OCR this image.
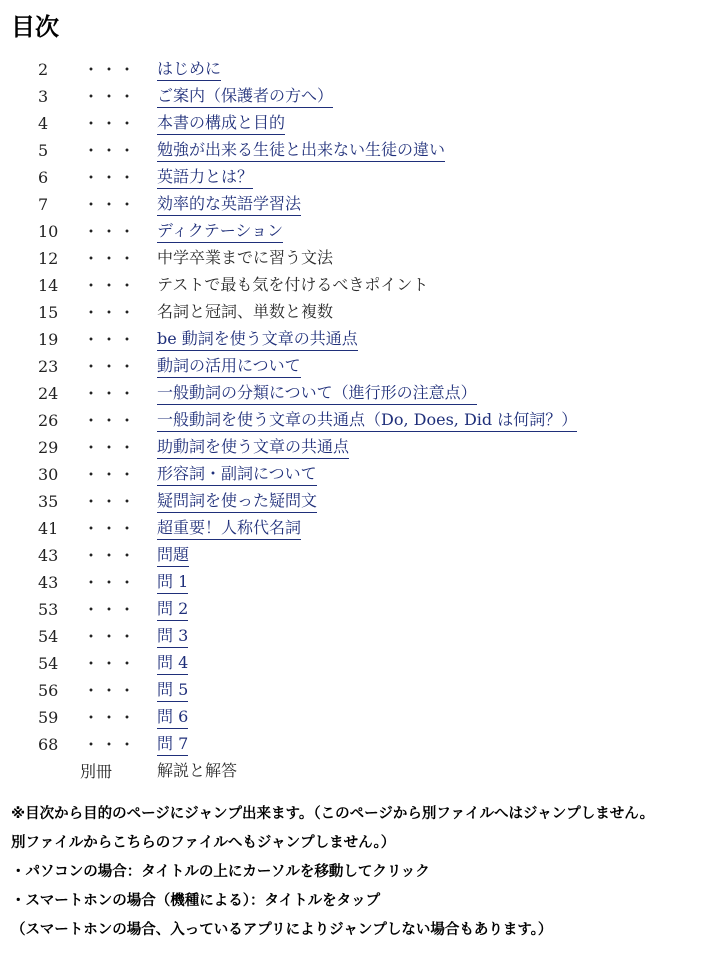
目次
2 ・・・ はじめに
3 ・・・ ご案内（保護者の方へ）
4 ・・・ 本書の構成と目的
5 ・・・ 勉強が出来る生徒と出来ない生徒の違い
6 ・・・ 英語力とは？
7 ・・・ 効率的な英語学習法
10 ・・・ ディクテーション
12 ・・・ 中学卒業までに習う文法
14 ・・・ テストで最も気を付けるべきポイント
15 ・・・ 名詞と冠詞、単数と複数
19 ・・・ be 動詞を使う文章の共通点
23 ・・・ 動詞の活用について
24 ・・・ 一般動詞の分類について（進行形の注意点）
26 ・・・ 一般動詞を使う文章の共通点（Do, Does, Did は何詞？）
29 ・・・ 助動詞を使う文章の共通点
30 ・・・ 形容詞・副詞について
35 ・・・ 疑問詞を使った疑問文
41 ・・・ 超重要！人称代名詞
43 ・・・ 問題
43 ・・・ 問 1
53 ・・・ 問 2
54 ・・・ 問 3
54 ・・・ 問 4
56 ・・・ 問 5
59 ・・・ 問 6
68 ・・・ 問 7
別冊	解説と解答
※目次から目的のページにジャンプ出来ます。（このページから別ファイルへはジャンプしません。
別ファイルからこちらのファイルへもジャンプしません。）
・パソコンの場合：タイトルの上にカーソルを移動してクリック
・スマートホンの場合（機種による）：タイトルをタップ
（スマートホンの場合、入っているアプリによりジャンプしない場合もあります。）
